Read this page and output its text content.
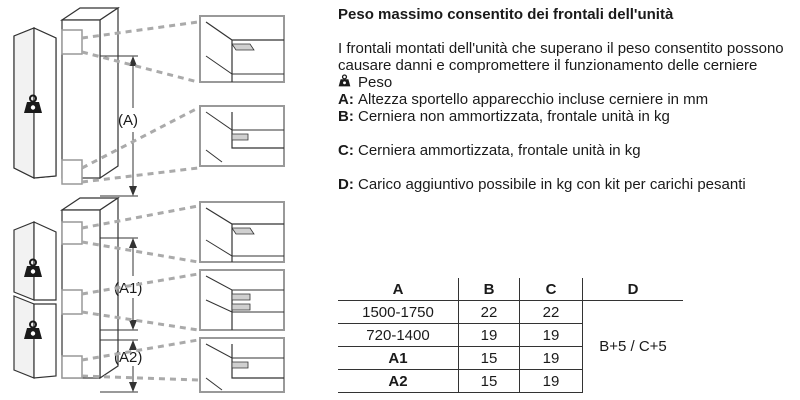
(A)
(A1)
(A2)
Peso massimo consentito dei frontali dell'unità
I frontali montati dell'unità che superano il peso consentito possono causare danni e compromettere il funzionamento delle cerniere
Peso
A: Altezza sportello apparecchio incluse cerniere in mm
B: Cerniera non ammortizzata, frontale unità in kg
C: Cerniera ammortizzata, frontale unità in kg
D: Carico aggiuntivo possibile in kg con kit per carichi pesanti
A	B	C	D
1500-1750	22	22	B+5 / C+5
720-1400	19	19	
A1	15	19	
A2	15	19	
